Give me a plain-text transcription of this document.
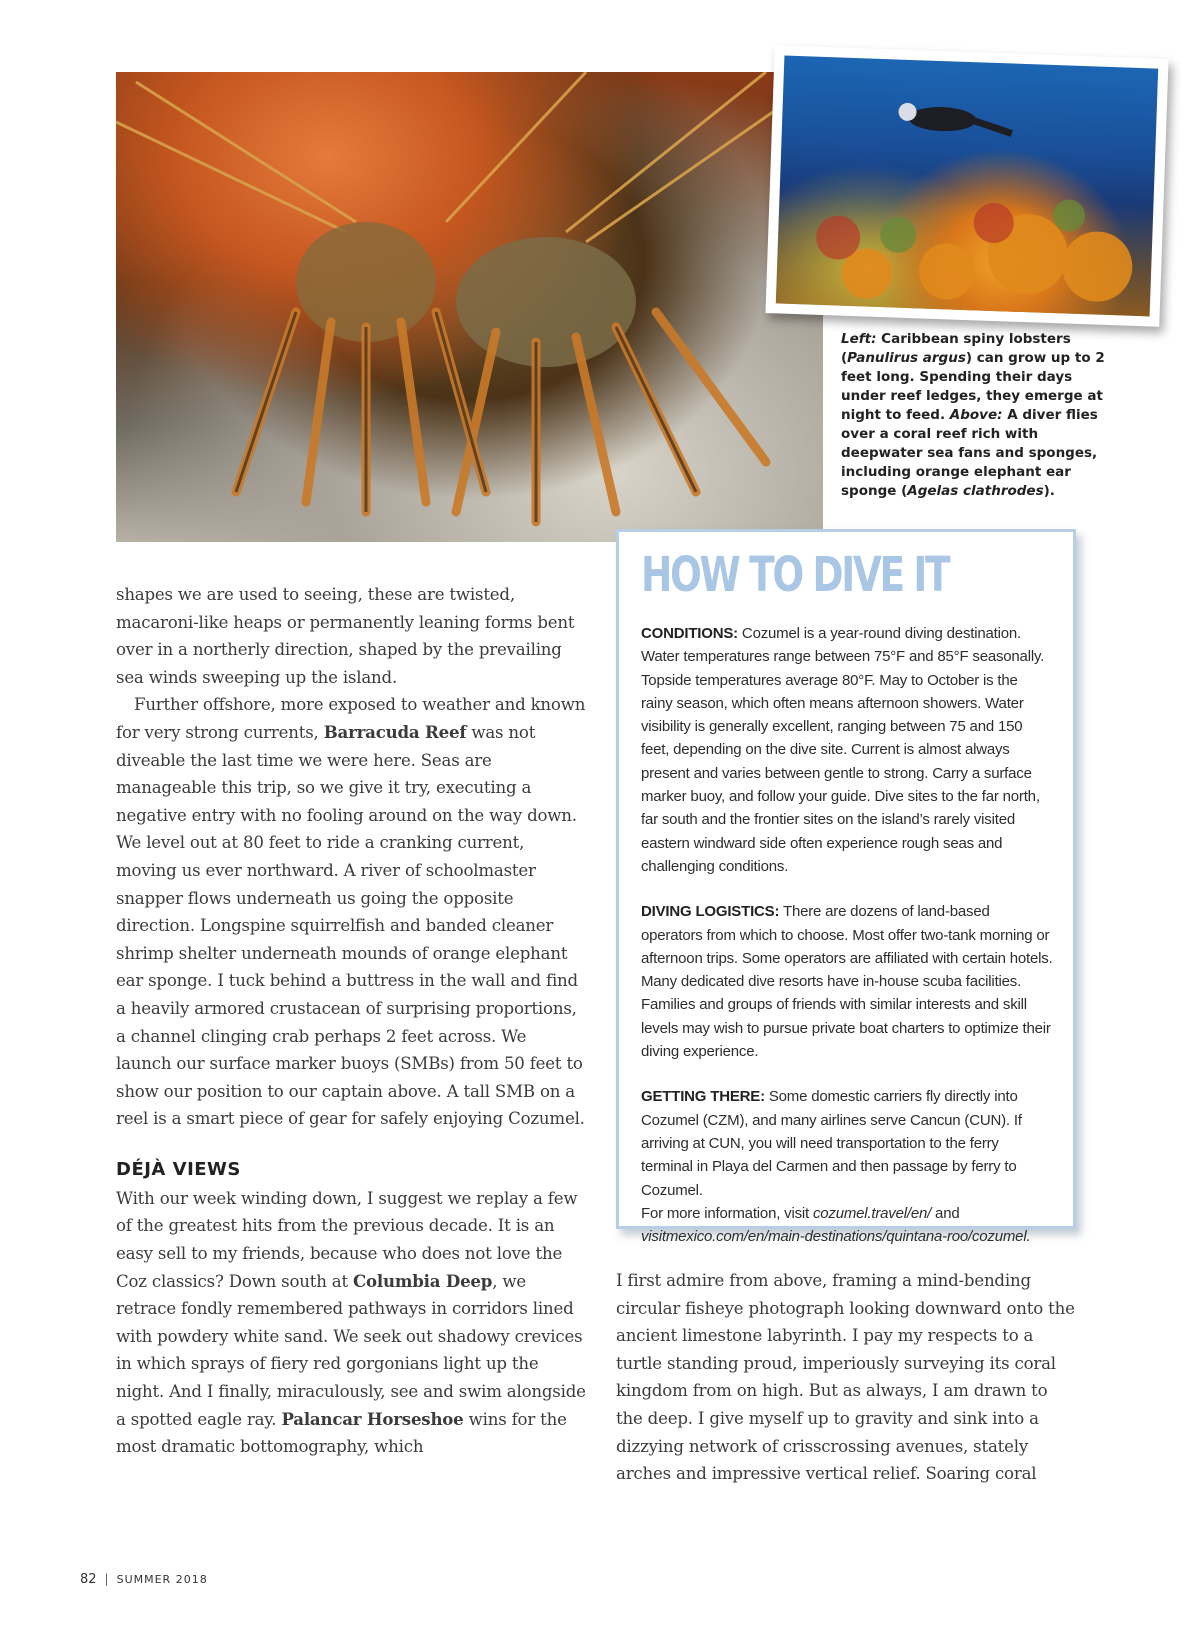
Left: Caribbean spiny lobsters (Panulirus argus) can grow up to 2 feet long. Spending their days under reef ledges, they emerge at night to feed. Above: A diver flies over a coral reef rich with deepwater sea fans and sponges, including orange elephant ear sponge (Agelas clathrodes).

HOW TO DIVE IT

CONDITIONS: Cozumel is a year-round diving destination. Water temperatures range between 75°F and 85°F seasonally. Topside temperatures average 80°F. May to October is the rainy season, which often means afternoon showers. Water visibility is generally excellent, ranging between 75 and 150 feet, depending on the dive site. Current is almost always present and varies between gentle to strong. Carry a surface marker buoy, and follow your guide. Dive sites to the far north, far south and the frontier sites on the island’s rarely visited eastern windward side often experience rough seas and challenging conditions.

DIVING LOGISTICS: There are dozens of land-based operators from which to choose. Most offer two-tank morning or afternoon trips. Some operators are affiliated with certain hotels. Many dedicated dive resorts have in-house scuba facilities. Families and groups of friends with similar interests and skill levels may wish to pursue private boat charters to optimize their diving experience.

GETTING THERE: Some domestic carriers fly directly into Cozumel (CZM), and many airlines serve Cancun (CUN). If arriving at CUN, you will need transportation to the ferry terminal in Playa del Carmen and then passage by ferry to Cozumel.
For more information, visit cozumel.travel/en/ and
visitmexico.com/en/main-destinations/quintana-roo/cozumel.

shapes we are used to seeing, these are twisted, macaroni-like heaps or permanently leaning forms bent over in a northerly direction, shaped by the prevailing sea winds sweeping up the island.

Further offshore, more exposed to weather and known for very strong currents, Barracuda Reef was not diveable the last time we were here. Seas are manageable this trip, so we give it try, executing a negative entry with no fooling around on the way down. We level out at 80 feet to ride a cranking current, moving us ever northward. A river of schoolmaster snapper flows underneath us going the opposite direction. Longspine squirrelfish and banded cleaner shrimp shelter underneath mounds of orange elephant ear sponge. I tuck behind a buttress in the wall and find a heavily armored crustacean of surprising proportions, a channel clinging crab perhaps 2 feet across. We launch our surface marker buoys (SMBs) from 50 feet to show our position to our captain above. A tall SMB on a reel is a smart piece of gear for safely enjoying Cozumel.

DÉJÀ VIEWS

With our week winding down, I suggest we replay a few of the greatest hits from the previous decade. It is an easy sell to my friends, because who does not love the Coz classics? Down south at Columbia Deep, we retrace fondly remembered pathways in corridors lined with powdery white sand. We seek out shadowy crevices in which sprays of fiery red gorgonians light up the night. And I finally, miraculously, see and swim alongside a spotted eagle ray. Palancar Horseshoe wins for the most dramatic bottomography, which

I first admire from above, framing a mind-bending circular fisheye photograph looking downward onto the ancient limestone labyrinth. I pay my respects to a turtle standing proud, imperiously surveying its coral kingdom from on high. But as always, I am drawn to the deep. I give myself up to gravity and sink into a dizzying network of crisscrossing avenues, stately arches and impressive vertical relief. Soaring coral

82 | SUMMER 2018
